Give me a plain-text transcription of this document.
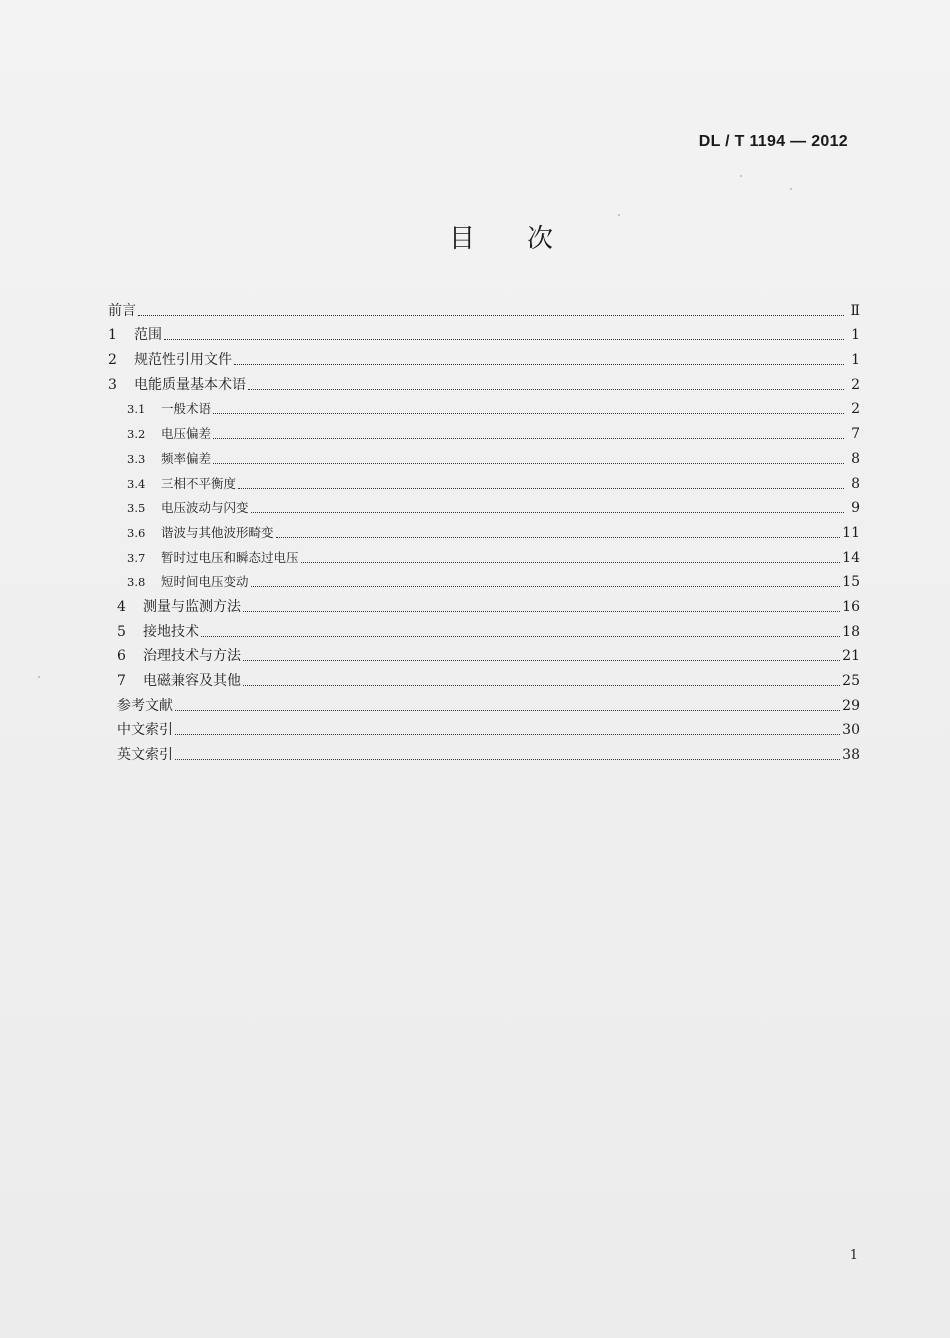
DL / T 1194 — 2012
目次
前言	Ⅱ
1	范围	1
2	规范性引用文件	1
3	电能质量基本术语	2
3.1	一般术语	2
3.2	电压偏差	7
3.3	频率偏差	8
3.4	三相不平衡度	8
3.5	电压波动与闪变	9
3.6	谐波与其他波形畸变	11
3.7	暂时过电压和瞬态过电压	14
3.8	短时间电压变动	15
4	测量与监测方法	16
5	接地技术	18
6	治理技术与方法	21
7	电磁兼容及其他	25
参考文献	29
中文索引	30
英文索引	38
1
